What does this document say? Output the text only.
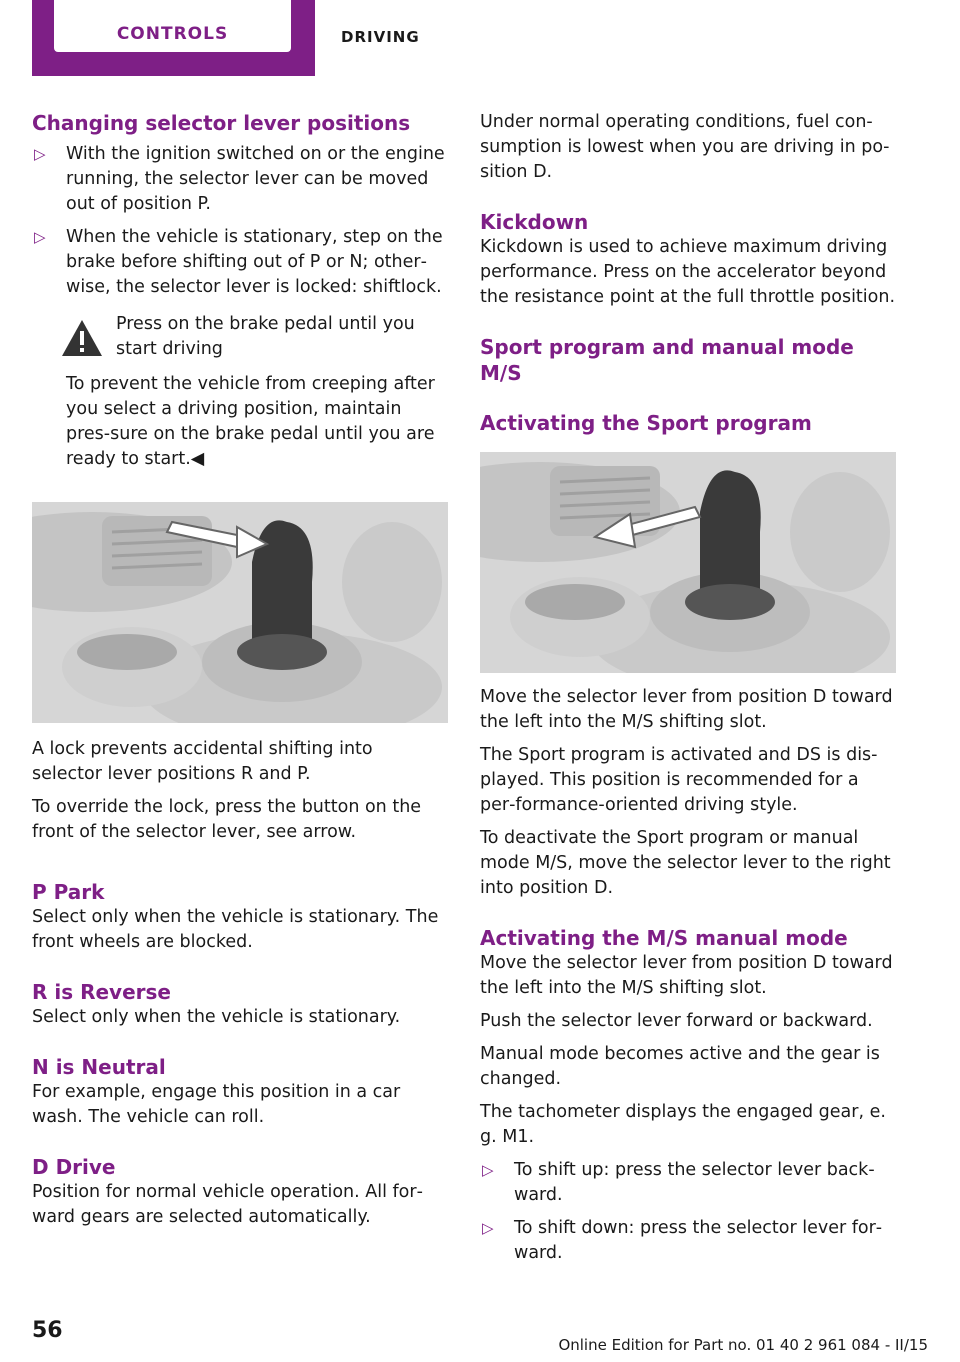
CONTROLS	DRIVING
Changing selector lever positions
▷ With the ignition switched on or the engine running, the selector lever can be moved out of position P.
▷ When the vehicle is stationary, step on the brake before shifting out of P or N; other‐wise, the selector lever is locked: shiftlock.

Press on the brake pedal until you start driving

To prevent the vehicle from creeping after you select a driving position, maintain pres‐sure on the brake pedal until you are ready to start.◀

A lock prevents accidental shifting into selector lever positions R and P.

To override the lock, press the button on the front of the selector lever, see arrow.

P Park

Select only when the vehicle is stationary. The front wheels are blocked.

R is Reverse

Select only when the vehicle is stationary.

N is Neutral

For example, engage this position in a car wash. The vehicle can roll.

D Drive

Position for normal vehicle operation. All for‐ward gears are selected automatically.

Under normal operating conditions, fuel con‐sumption is lowest when you are driving in po‐sition D.

Kickdown

Kickdown is used to achieve maximum driving performance. Press on the accelerator beyond the resistance point at the full throttle position.

Sport program and manual mode M/S
Activating the Sport program

Move the selector lever from position D toward the left into the M/S shifting slot.

The Sport program is activated and DS is dis‐played. This position is recommended for a per‐formance-oriented driving style.

To deactivate the Sport program or manual mode M/S, move the selector lever to the right into position D.

Activating the M/S manual mode

Move the selector lever from position D toward the left into the M/S shifting slot.

Push the selector lever forward or backward.

Manual mode becomes active and the gear is changed.

The tachometer displays the engaged gear, e. g. M1.

▷ To shift up: press the selector lever back‐ward.
▷ To shift down: press the selector lever for‐ward.
56
Online Edition for Part no. 01 40 2 961 084 - II/15
